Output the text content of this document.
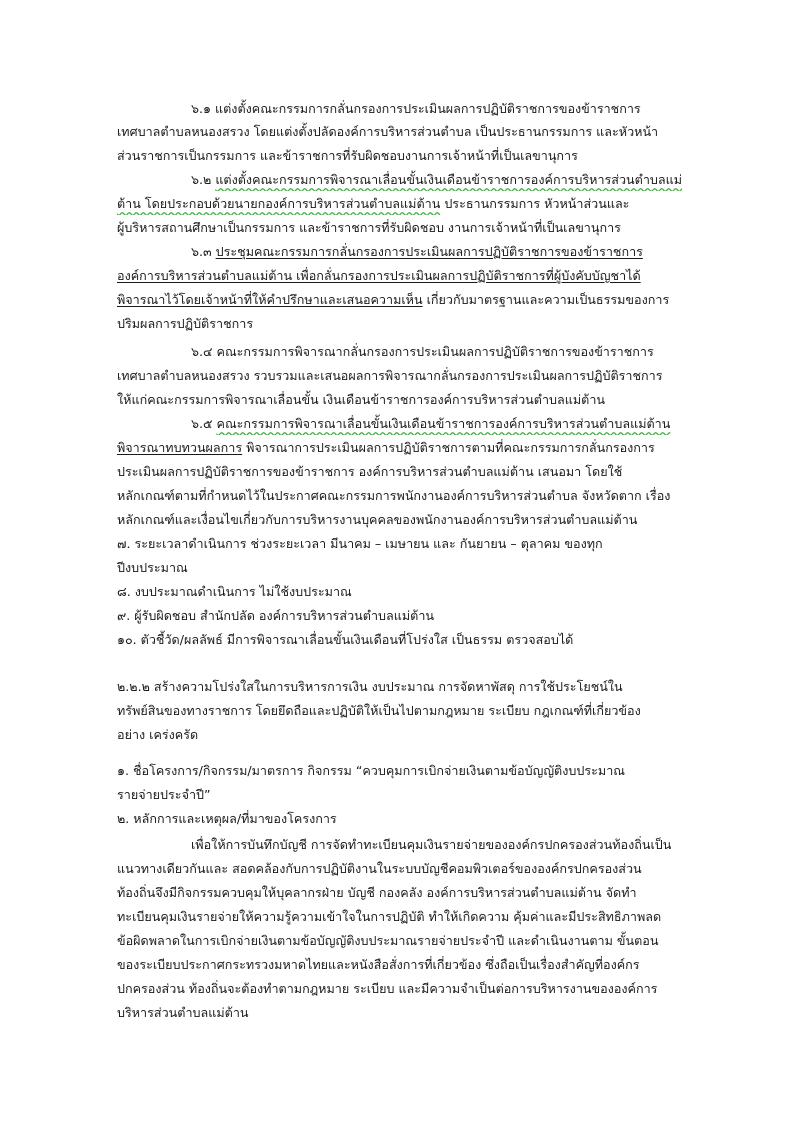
๖.๑ แต่งตั้งคณะกรรมการกลั่นกรองการประเมินผลการปฏิบัติราชการของข้าราชการ
เทศบาลตำบลหนองสรวง โดยแต่งตั้งปลัดองค์การบริหารส่วนตำบล เป็นประธานกรรมการ และหัวหน้า
ส่วนราชการเป็นกรรมการ และข้าราชการที่รับผิดชอบงานการเจ้าหน้าที่เป็นเลขานุการ
๖.๒ แต่งตั้งคณะกรรมการพิจารณาเลื่อนขั้นเงินเดือนข้าราชการองค์การบริหารส่วนตำบลแม่
ต้าน โดยประกอบด้วยนายกองค์การบริหารส่วนตำบลแม่ต้าน ประธานกรรมการ หัวหน้าส่วนและ
ผู้บริหารสถานศึกษาเป็นกรรมการ และข้าราชการที่รับผิดชอบ งานการเจ้าหน้าที่เป็นเลขานุการ
๖.๓ ประชุมคณะกรรมการกลั่นกรองการประเมินผลการปฏิบัติราชการของข้าราชการ
องค์การบริหารส่วนตำบลแม่ต้าน เพื่อกลั่นกรองการประเมินผลการปฏิบัติราชการที่ผู้บังคับบัญชาได้
พิจารณาไว้โดยเจ้าหน้าที่ให้คำปรึกษาและเสนอความเห็น เกี่ยวกับมาตรฐานและความเป็นธรรมของการ
ปริมผลการปฏิบัติราชการ
๖.๔ คณะกรรมการพิจารณากลั่นกรองการประเมินผลการปฏิบัติราชการของข้าราชการ
เทศบาลตำบลหนองสรวง รวบรวมและเสนอผลการพิจารณากลั่นกรองการประเมินผลการปฏิบัติราชการ
ให้แก่คณะกรรมการพิจารณาเลื่อนขั้น เงินเดือนข้าราชการองค์การบริหารส่วนตำบลแม่ต้าน
๖.๕ คณะกรรมการพิจารณาเลื่อนขั้นเงินเดือนข้าราชการองค์การบริหารส่วนตำบลแม่ต้าน
พิจารณาทบทวนผลการ พิจารณาการประเมินผลการปฏิบัติราชการตามที่คณะกรรมการกลั่นกรองการ
ประเมินผลการปฏิบัติราชการของข้าราชการ องค์การบริหารส่วนตำบลแม่ต้าน เสนอมา โดยใช้
หลักเกณฑ์ตามที่กำหนดไว้ในประกาศคณะกรรมการพนักงานองค์การบริหารส่วนตำบล จังหวัดตาก เรื่อง
หลักเกณฑ์และเงื่อนไขเกี่ยวกับการบริหารงานบุคคลของพนักงานองค์การบริหารส่วนตำบลแม่ต้าน
๗. ระยะเวลาดำเนินการ ช่วงระยะเวลา มีนาคม – เมษายน และ กันยายน – ตุลาคม ของทุก
ปีงบประมาณ
๘. งบประมาณดำเนินการ ไม่ใช้งบประมาณ
๙. ผู้รับผิดชอบ สำนักปลัด องค์การบริหารส่วนตำบลแม่ต้าน
๑๐. ตัวชี้วัด/ผลลัพธ์ มีการพิจารณาเลื่อนขั้นเงินเดือนที่โปร่งใส เป็นธรรม ตรวจสอบได้
๒.๒.๒ สร้างความโปร่งใสในการบริหารการเงิน งบประมาณ การจัดหาพัสดุ การใช้ประโยชน์ใน
ทรัพย์สินของทางราชการ โดยยึดถือและปฏิบัติให้เป็นไปตามกฎหมาย ระเบียบ กฎเกณฑ์ที่เกี่ยวข้อง
อย่าง เคร่งครัด
๑. ชื่อโครงการ/กิจกรรม/มาตรการ กิจกรรม “ควบคุมการเบิกจ่ายเงินตามข้อบัญญัติงบประมาณ
รายจ่ายประจำปี”
๒. หลักการและเหตุผล/ที่มาของโครงการ
เพื่อให้การบันทึกบัญชี การจัดทำทะเบียนคุมเงินรายจ่ายขององค์กรปกครองส่วนท้องถิ่นเป็น
แนวทางเดียวกันและ สอดคล้องกับการปฏิบัติงานในระบบบัญชีคอมพิวเตอร์ขององค์กรปกครองส่วน
ท้องถิ่นจึงมีกิจกรรมควบคุมให้บุคลากรฝ่าย บัญชี กองคลัง องค์การบริหารส่วนตำบลแม่ต้าน จัดทำ
ทะเบียนคุมเงินรายจ่ายให้ความรู้ความเข้าใจในการปฏิบัติ ทำให้เกิดความ คุ้มค่าและมีประสิทธิภาพลด
ข้อผิดพลาดในการเบิกจ่ายเงินตามข้อบัญญัติงบประมาณรายจ่ายประจำปี และดำเนินงานตาม ขั้นตอน
ของระเบียบประกาศกระทรวงมหาดไทยและหนังสือสั่งการที่เกี่ยวข้อง ซึ่งถือเป็นเรื่องสำคัญที่องค์กร
ปกครองส่วน ท้องถิ่นจะต้องทำตามกฎหมาย ระเบียบ และมีความจำเป็นต่อการบริหารงานขององค์การ
บริหารส่วนตำบลแม่ต้าน
